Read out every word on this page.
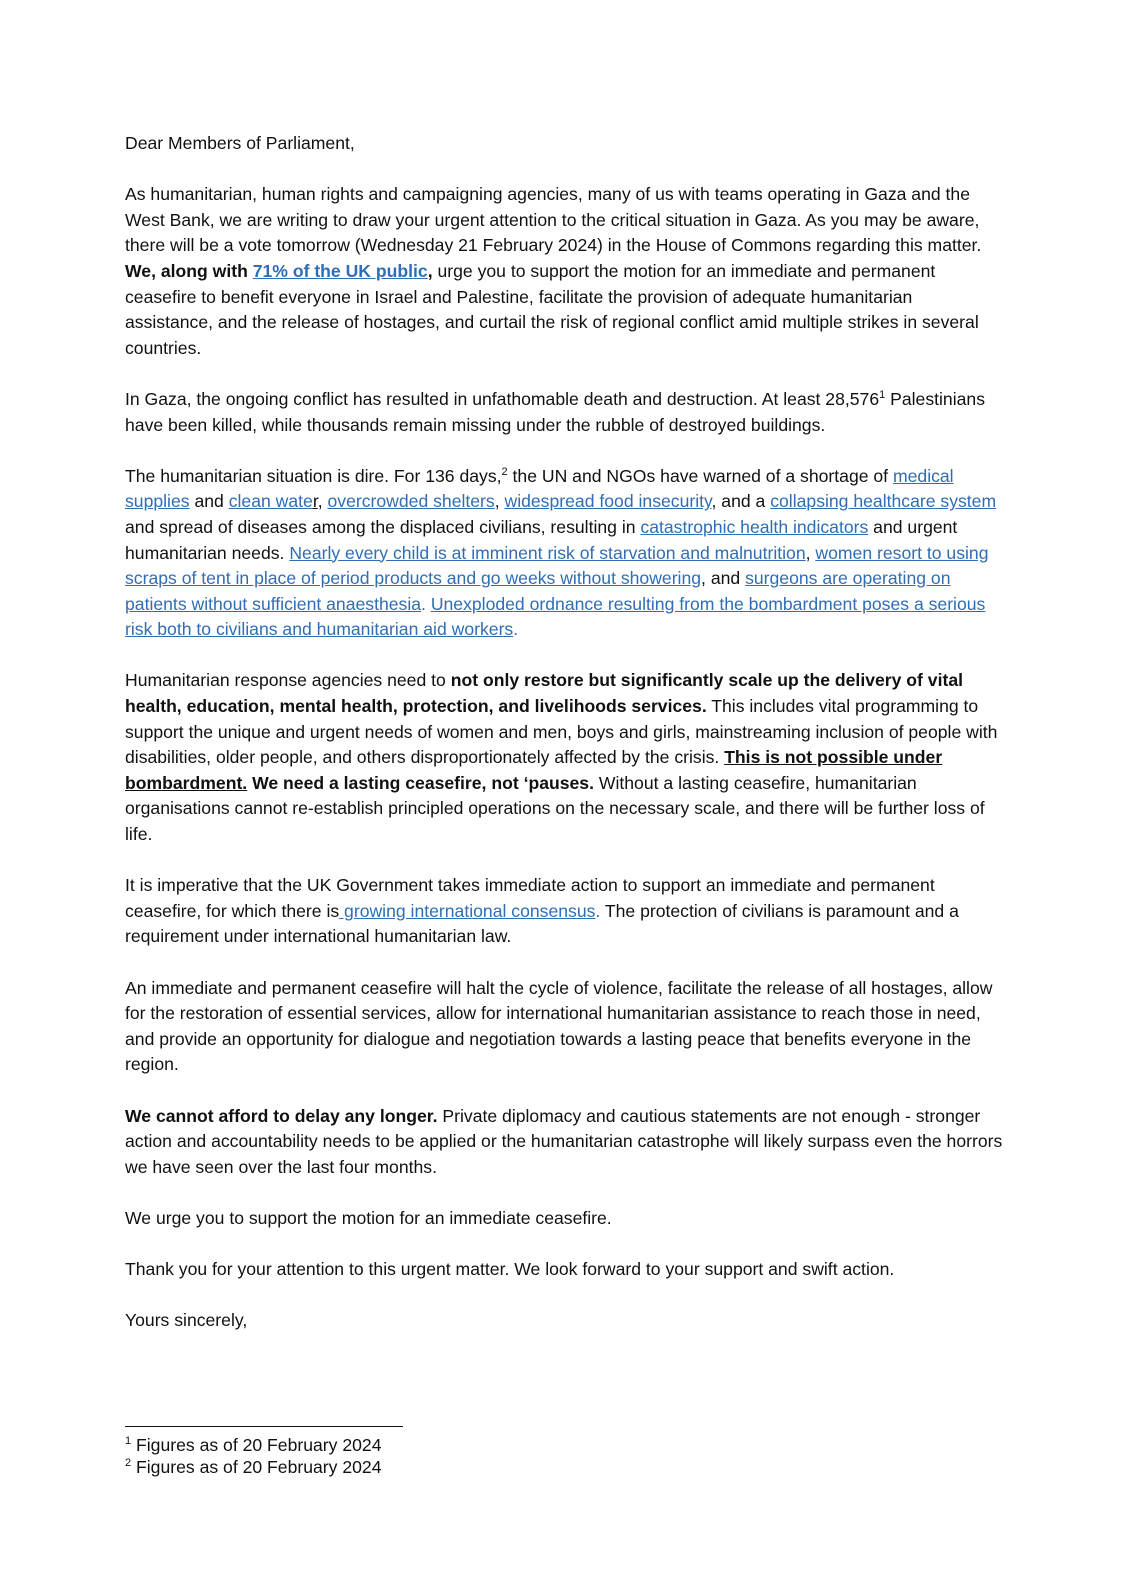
Dear Members of Parliament,

As humanitarian, human rights and campaigning agencies, many of us with teams operating in Gaza and the West Bank, we are writing to draw your urgent attention to the critical situation in Gaza. As you may be aware, there will be a vote tomorrow (Wednesday 21 February 2024) in the House of Commons regarding this matter. We, along with 71% of the UK public, urge you to support the motion for an immediate and permanent ceasefire to benefit everyone in Israel and Palestine, facilitate the provision of adequate humanitarian assistance, and the release of hostages, and curtail the risk of regional conflict amid multiple strikes in several countries.

In Gaza, the ongoing conflict has resulted in unfathomable death and destruction. At least 28,576$^1$ Palestinians have been killed, while thousands remain missing under the rubble of destroyed buildings.

The humanitarian situation is dire. For 136 days,$^2$ the UN and NGOs have warned of a shortage of medical supplies and clean water, overcrowded shelters, widespread food insecurity, and a collapsing healthcare system and spread of diseases among the displaced civilians, resulting in catastrophic health indicators and urgent humanitarian needs. Nearly every child is at imminent risk of starvation and malnutrition, women resort to using scraps of tent in place of period products and go weeks without showering, and surgeons are operating on patients without sufficient anaesthesia. Unexploded ordnance resulting from the bombardment poses a serious risk both to civilians and humanitarian aid workers.

Humanitarian response agencies need to not only restore but significantly scale up the delivery of vital health, education, mental health, protection, and livelihoods services. This includes vital programming to support the unique and urgent needs of women and men, boys and girls, mainstreaming inclusion of people with disabilities, older people, and others disproportionately affected by the crisis. This is not possible under bombardment. We need a lasting ceasefire, not ‘pauses. Without a lasting ceasefire, humanitarian organisations cannot re-establish principled operations on the necessary scale, and there will be further loss of life.

It is imperative that the UK Government takes immediate action to support an immediate and permanent ceasefire, for which there is growing international consensus. The protection of civilians is paramount and a requirement under international humanitarian law.

An immediate and permanent ceasefire will halt the cycle of violence, facilitate the release of all hostages, allow for the restoration of essential services, allow for international humanitarian assistance to reach those in need, and provide an opportunity for dialogue and negotiation towards a lasting peace that benefits everyone in the region.

We cannot afford to delay any longer. Private diplomacy and cautious statements are not enough - stronger action and accountability needs to be applied or the humanitarian catastrophe will likely surpass even the horrors we have seen over the last four months.

We urge you to support the motion for an immediate ceasefire.

Thank you for your attention to this urgent matter. We look forward to your support and swift action.

Yours sincerely,

$^1$ Figures as of 20 February 2024
$^2$ Figures as of 20 February 2024
